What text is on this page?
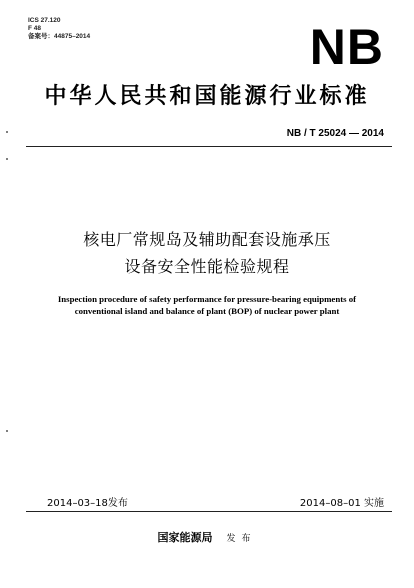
ICS 27.120
F 48
备案号：44875–2014	NB
中华人民共和国能源行业标准
NB / T 25024 — 2014
核电厂常规岛及辅助配套设施承压
设备安全性能检验规程
Inspection procedure of safety performance for pressure-bearing equipments of
conventional island and balance of plant (BOP) of nuclear power plant
2014–03–18发布	2014–08–01 实施
国家能源局 发布
